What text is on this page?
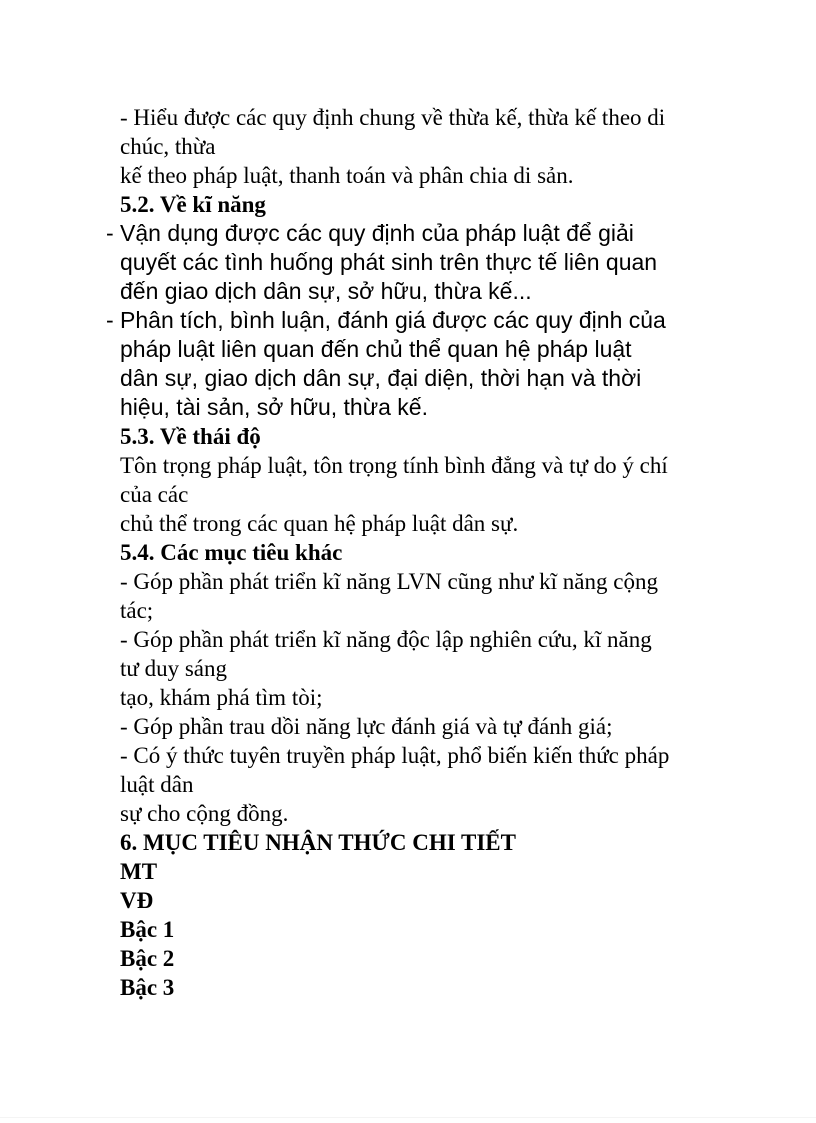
- Hiểu được các quy định chung về thừa kế, thừa kế theo di

chúc, thừa

kế theo pháp luật, thanh toán và phân chia di sản.

5.2. Về kĩ năng

- Vận dụng được các quy định của pháp luật để giải

quyết các tình huống phát sinh trên thực tế liên quan

đến giao dịch dân sự, sở hữu, thừa kế...

- Phân tích, bình luận, đánh giá được các quy định của

pháp luật liên quan đến chủ thể quan hệ pháp luật

dân sự, giao dịch dân sự, đại diện, thời hạn và thời

hiệu, tài sản, sở hữu, thừa kế.

5.3. Về thái độ

Tôn trọng pháp luật, tôn trọng tính bình đẳng và tự do ý chí

của các

chủ thể trong các quan hệ pháp luật dân sự.

5.4. Các mục tiêu khác

- Góp phần phát triển kĩ năng LVN cũng như kĩ năng cộng

tác;

- Góp phần phát triển kĩ năng độc lập nghiên cứu, kĩ năng

tư duy sáng

tạo, khám phá tìm tòi;

- Góp phần trau dồi năng lực đánh giá và tự đánh giá;

- Có ý thức tuyên truyền pháp luật, phổ biến kiến thức pháp

luật dân

sự cho cộng đồng.

6. MỤC TIÊU NHẬN THỨC CHI TIẾT

MT

VĐ

Bậc 1

Bậc 2

Bậc 3
